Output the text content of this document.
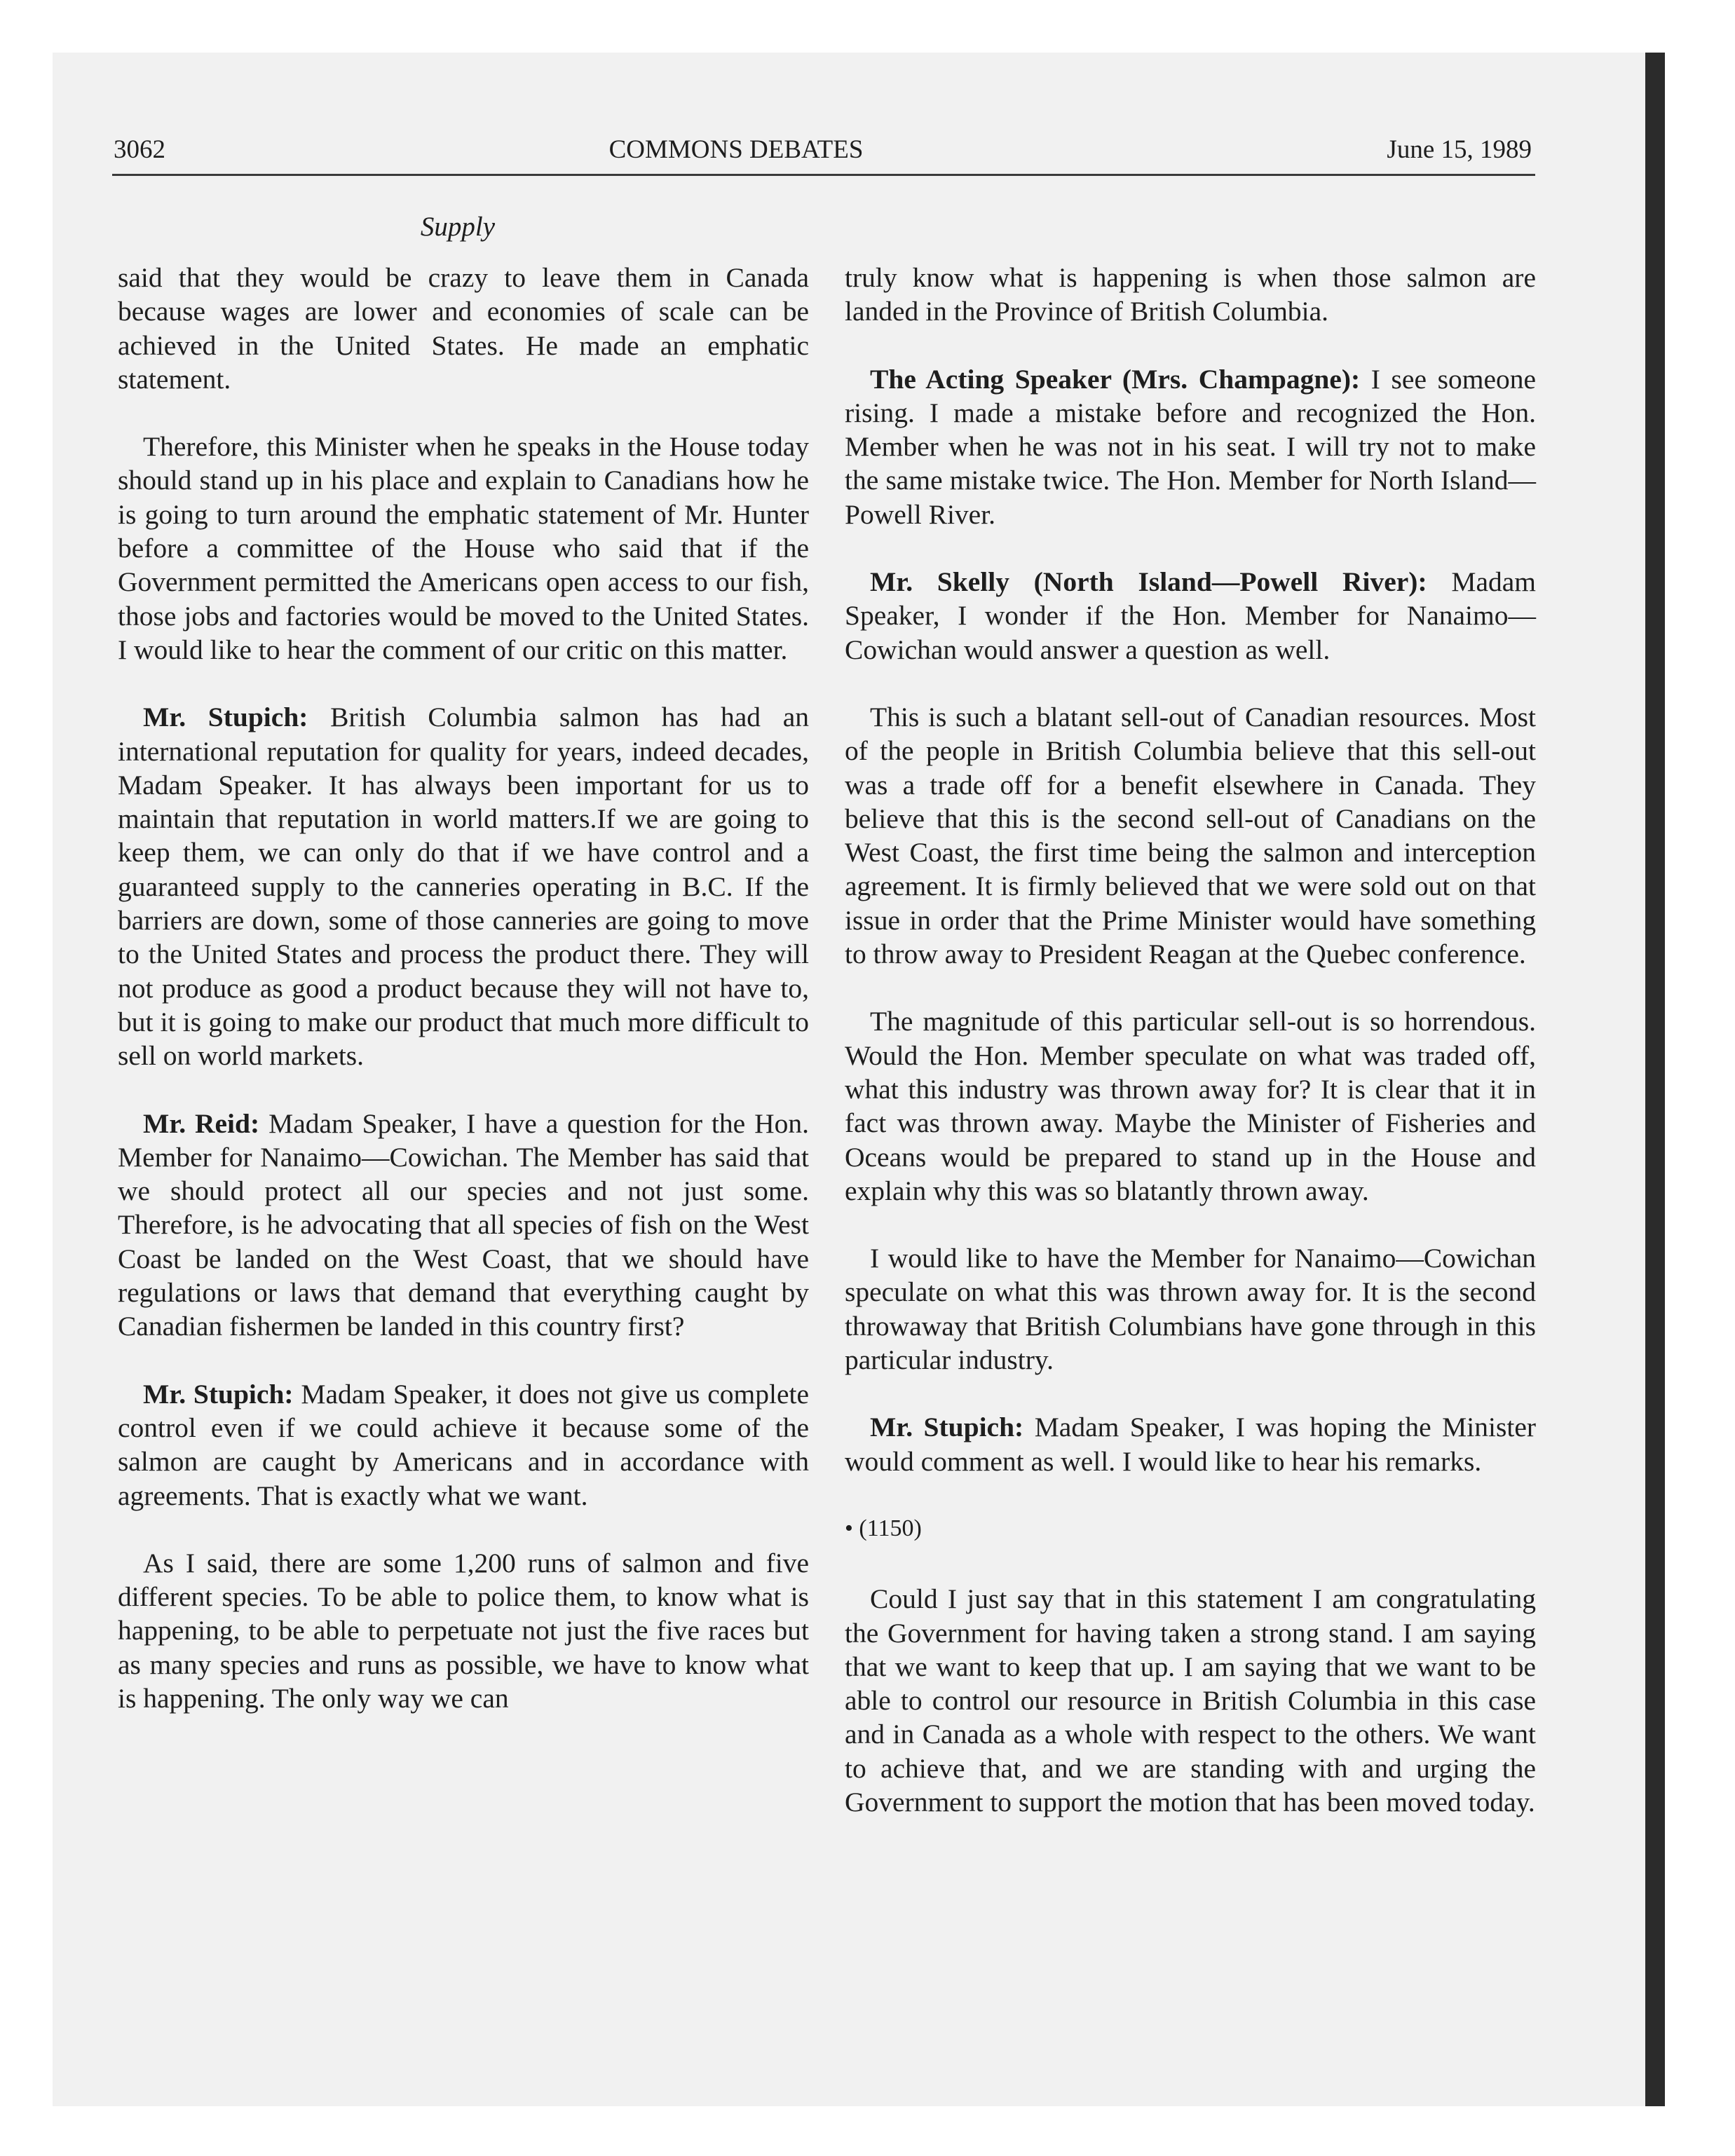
3062	COMMONS DEBATES	June 15, 1989
Supply

said that they would be crazy to leave them in Canada because wages are lower and economies of scale can be achieved in the United States. He made an emphatic statement.

Therefore, this Minister when he speaks in the House today should stand up in his place and explain to Canadians how he is going to turn around the emphatic statement of Mr. Hunter before a committee of the House who said that if the Government permitted the Americans open access to our fish, those jobs and factories would be moved to the United States. I would like to hear the comment of our critic on this matter.

Mr. Stupich: British Columbia salmon has had an international reputation for quality for years, indeed decades, Madam Speaker. It has always been important for us to maintain that reputation in world matters.If we are going to keep them, we can only do that if we have control and a guaranteed supply to the canneries operating in B.C. If the barriers are down, some of those canneries are going to move to the United States and process the product there. They will not produce as good a product because they will not have to, but it is going to make our product that much more difficult to sell on world markets.

Mr. Reid: Madam Speaker, I have a question for the Hon. Member for Nanaimo—Cowichan. The Member has said that we should protect all our species and not just some. Therefore, is he advocating that all species of fish on the West Coast be landed on the West Coast, that we should have regulations or laws that demand that everything caught by Canadian fishermen be landed in this country first?

Mr. Stupich: Madam Speaker, it does not give us complete control even if we could achieve it because some of the salmon are caught by Americans and in accordance with agreements. That is exactly what we want.

As I said, there are some 1,200 runs of salmon and five different species. To be able to police them, to know what is happening, to be able to perpetuate not just the five races but as many species and runs as possible, we have to know what is happening. The only way we can

truly know what is happening is when those salmon are landed in the Province of British Columbia.

The Acting Speaker (Mrs. Champagne): I see someone rising. I made a mistake before and recognized the Hon. Member when he was not in his seat. I will try not to make the same mistake twice. The Hon. Member for North Island—Powell River.

Mr. Skelly (North Island—Powell River): Madam Speaker, I wonder if the Hon. Member for Nanaimo—Cowichan would answer a question as well.

This is such a blatant sell-out of Canadian resources. Most of the people in British Columbia believe that this sell-out was a trade off for a benefit elsewhere in Canada. They believe that this is the second sell-out of Canadians on the West Coast, the first time being the salmon and interception agreement. It is firmly believed that we were sold out on that issue in order that the Prime Minister would have something to throw away to President Reagan at the Quebec conference.

The magnitude of this particular sell-out is so horrendous. Would the Hon. Member speculate on what was traded off, what this industry was thrown away for? It is clear that it in fact was thrown away. Maybe the Minister of Fisheries and Oceans would be prepared to stand up in the House and explain why this was so blatantly thrown away.

I would like to have the Member for Nanaimo—Cowichan speculate on what this was thrown away for. It is the second throwaway that British Columbians have gone through in this particular industry.

Mr. Stupich: Madam Speaker, I was hoping the Minister would comment as well. I would like to hear his remarks.

• (1150)

Could I just say that in this statement I am congratulating the Government for having taken a strong stand. I am saying that we want to keep that up. I am saying that we want to be able to control our resource in British Columbia in this case and in Canada as a whole with respect to the others. We want to achieve that, and we are standing with and urging the Government to support the motion that has been moved today.
